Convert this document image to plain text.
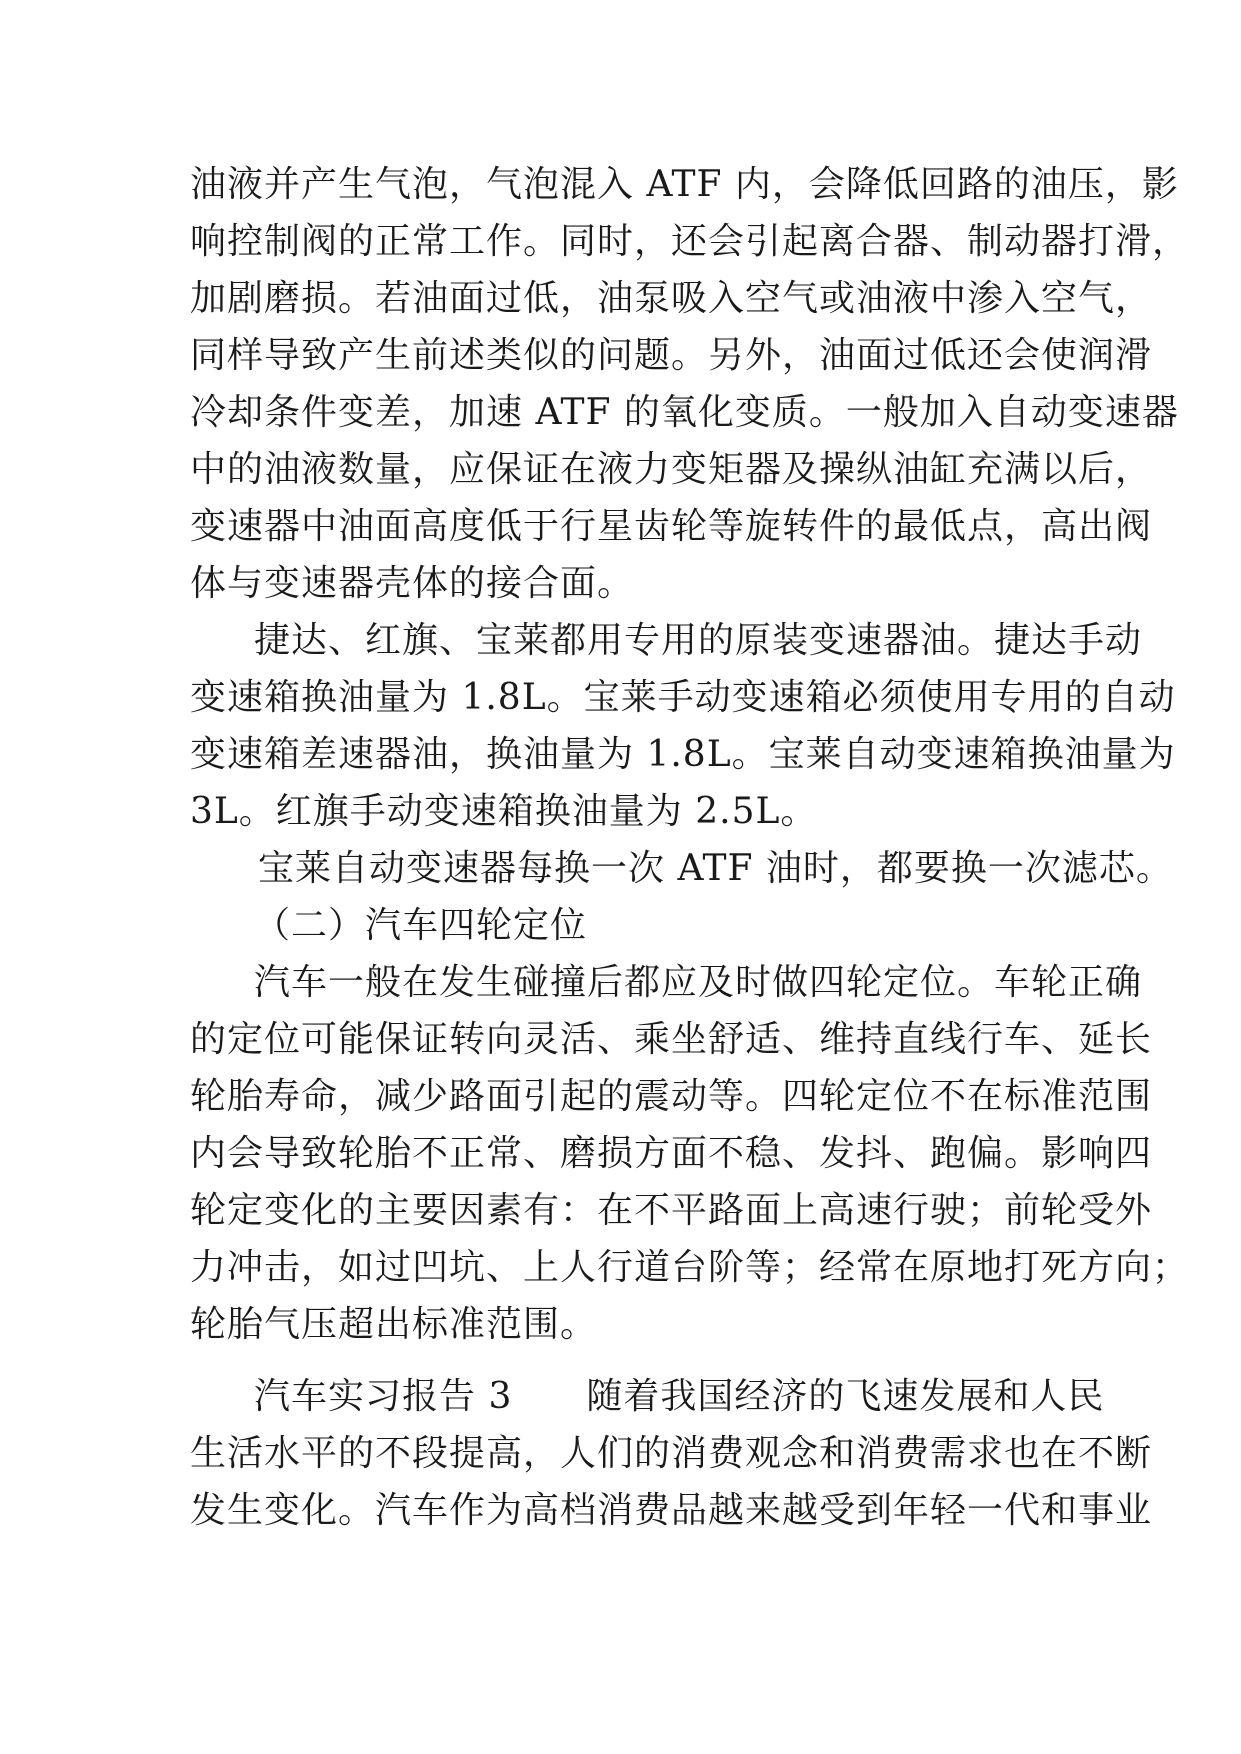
油液并产生气泡，气泡混入 ATF 内，会降低回路的油压，影
响控制阀的正常工作。同时，还会引起离合器、制动器打滑，
加剧磨损。若油面过低，油泵吸入空气或油液中渗入空气，
同样导致产生前述类似的问题。另外，油面过低还会使润滑
冷却条件变差，加速 ATF 的氧化变质。一般加入自动变速器
中的油液数量，应保证在液力变矩器及操纵油缸充满以后，
变速器中油面高度低于行星齿轮等旋转件的最低点，高出阀
体与变速器壳体的接合面。
捷达、红旗、宝莱都用专用的原装变速器油。捷达手动
变速箱换油量为 1.8L。宝莱手动变速箱必须使用专用的自动
变速箱差速器油，换油量为 1.8L。宝莱自动变速箱换油量为
3L。红旗手动变速箱换油量为 2.5L。
宝莱自动变速器每换一次 ATF 油时，都要换一次滤芯。
（二）汽车四轮定位
汽车一般在发生碰撞后都应及时做四轮定位。车轮正确
的定位可能保证转向灵活、乘坐舒适、维持直线行车、延长
轮胎寿命，减少路面引起的震动等。四轮定位不在标准范围
内会导致轮胎不正常、磨损方面不稳、发抖、跑偏。影响四
轮定变化的主要因素有：在不平路面上高速行驶；前轮受外
力冲击，如过凹坑、上人行道台阶等；经常在原地打死方向；
轮胎气压超出标准范围。
汽车实习报告 3　　随着我国经济的飞速发展和人民
生活水平的不段提高，人们的消费观念和消费需求也在不断
发生变化。汽车作为高档消费品越来越受到年轻一代和事业
